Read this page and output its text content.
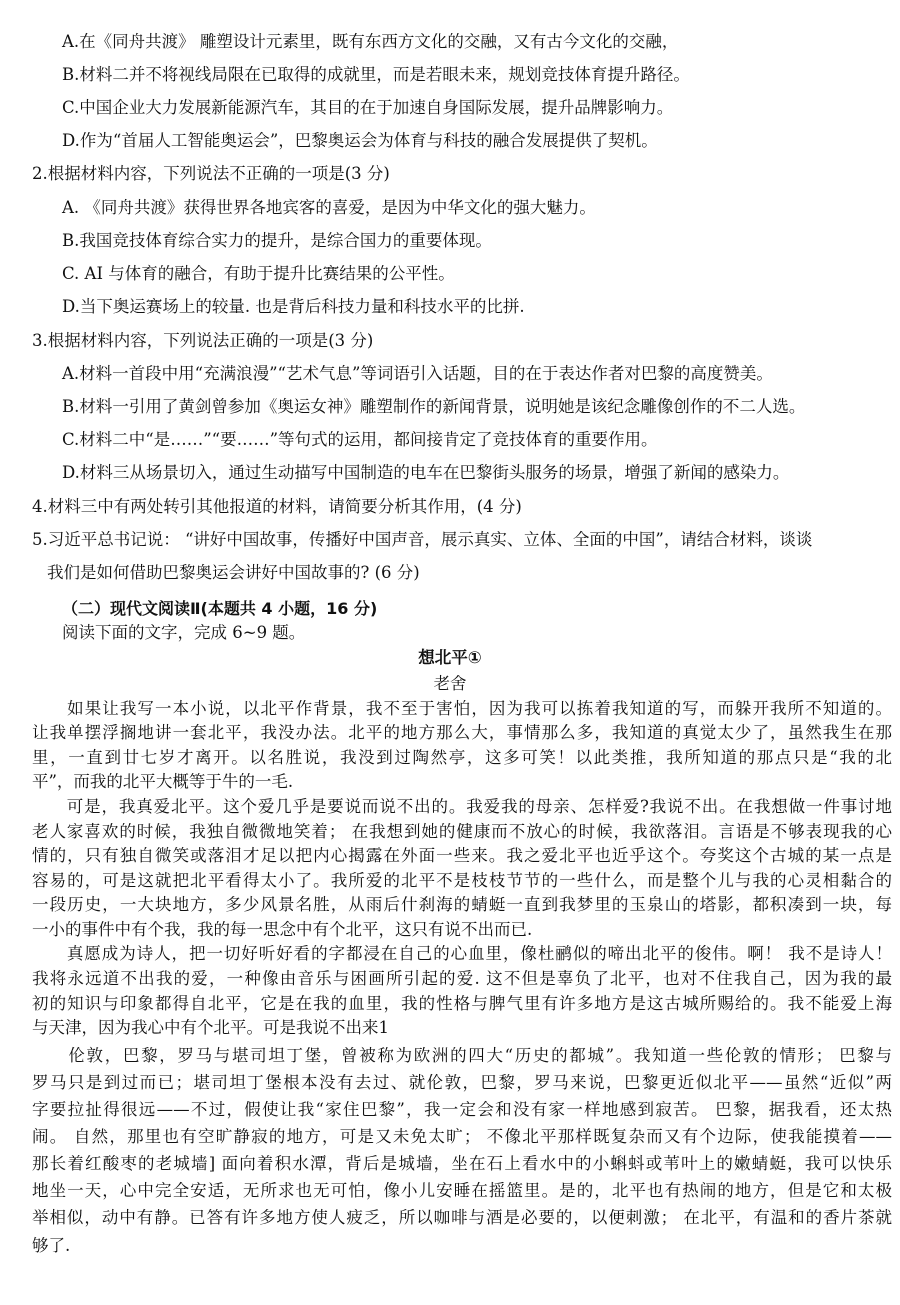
A.在《同舟共渡》 雕塑设计元素里，既有东西方文化的交融，又有古今文化的交融，
B.材料二并不将视线局限在已取得的成就里，而是若眼未来，规划竞技体育提升路径。
C.中国企业大力发展新能源汽车，其目的在于加速自身国际发展，提升品牌影响力。
D.作为“首届人工智能奥运会”，巴黎奥运会为体育与科技的融合发展提供了契机。
2.根据材料内容，下列说法不正确的一项是(3 分)
A. 《同舟共渡》获得世界各地宾客的喜爱，是因为中华文化的强大魅力。
B.我国竞技体育综合实力的提升，是综合国力的重要体现。
C. AI 与体育的融合，有助于提升比赛结果的公平性。
D.当下奥运赛场上的较量. 也是背后科技力量和科技水平的比拼.
3.根据材料内容，下列说法正确的一项是(3 分)
A.材料一首段中用“充满浪漫”“艺术气息”等词语引入话题，目的在于表达作者对巴黎的高度赞美。
B.材料一引用了黄剑曾参加《奥运女神》雕塑制作的新闻背景，说明她是该纪念雕像创作的不二人选。
C.材料二中“是……”“要……”等句式的运用，都间接肯定了竞技体育的重要作用。
D.材料三从场景切入，通过生动描写中国制造的电车在巴黎街头服务的场景，增强了新闻的感染力。
4.材料三中有两处转引其他报道的材料，请简要分析其作用，(4 分)
5.习近平总书记说： “讲好中国故事，传播好中国声音，展示真实、立体、全面的中国”，请结合材料，谈谈
我们是如何借助巴黎奥运会讲好中国故事的? (6 分)
（二）现代文阅读Ⅱ(本题共 4 小题，16 分)
阅读下面的文字，完成 6~9 题。
想北平①
老舍
　　如果让我写一本小说，以北平作背景，我不至于害怕，因为我可以拣着我知道的写，而躲开我所不知道的。
让我单摆浮搁地讲一套北平，我没办法。北平的地方那么大，事情那么多，我知道的真觉太少了，虽然我生在那
里，一直到廿七岁才离开。以名胜说，我没到过陶然亭，这多可笑！以此类推，我所知道的那点只是“我的北
平”，而我的北平大概等于牛的一毛.
　　可是，我真爱北平。这个爱几乎是要说而说不出的。我爱我的母亲、怎样爱?我说不出。在我想做一件事讨地
老人家喜欢的时候，我独自微微地笑着； 在我想到她的健康而不放心的时候，我欲落泪。言语是不够表现我的心
情的，只有独自微笑或落泪才足以把内心揭露在外面一些来。我之爱北平也近乎这个。夸奖这个古城的某一点是
容易的，可是这就把北平看得太小了。我所爱的北平不是枝枝节节的一些什么，而是整个儿与我的心灵相黏合的
一段历史，一大块地方，多少风景名胜，从雨后什刹海的蜻蜓一直到我梦里的玉泉山的塔影，都积凑到一块，每
一小的事件中有个我，我的每一思念中有个北平，这只有说不出而已.
　　真愿成为诗人，把一切好听好看的字都浸在自己的心血里，像杜鹂似的啼出北平的俊伟。啊！ 我不是诗人！
我将永远道不出我的爱，一种像由音乐与困画所引起的爱. 这不但是辜负了北平，也对不住我自己，因为我的最
初的知识与印象都得自北平，它是在我的血里，我的性格与脾气里有许多地方是这古城所赐给的。我不能爱上海
与天津，因为我心中有个北平。可是我说不出来1
　　伦敦，巴黎，罗马与堪司坦丁堡，曾被称为欧洲的四大“历史的都城”。我知道一些伦敦的情形； 巴黎与
罗马只是到过而已；堪司坦丁堡根本没有去过、就伦敦，巴黎，罗马来说，巴黎更近似北平——虽然“近似”两
字要拉扯得很远——不过，假使让我“家住巴黎”，我一定会和没有家一样地感到寂苦。 巴黎，据我看，还太热
闹。 自然，那里也有空旷静寂的地方，可是又未免太旷； 不像北平那样既复杂而又有个边际，使我能摸着——
那长着红酸枣的老城墙] 面向着积水潭，背后是城墙，坐在石上看水中的小蝌蚪或苇叶上的嫩蜻蜓，我可以快乐
地坐一天，心中完全安适，无所求也无可怕，像小儿安睡在摇篮里。是的，北平也有热闹的地方，但是它和太极
举相似，动中有静。已答有许多地方使人疲乏，所以咖啡与酒是必要的，以便刺激； 在北平，有温和的香片茶就
够了.
